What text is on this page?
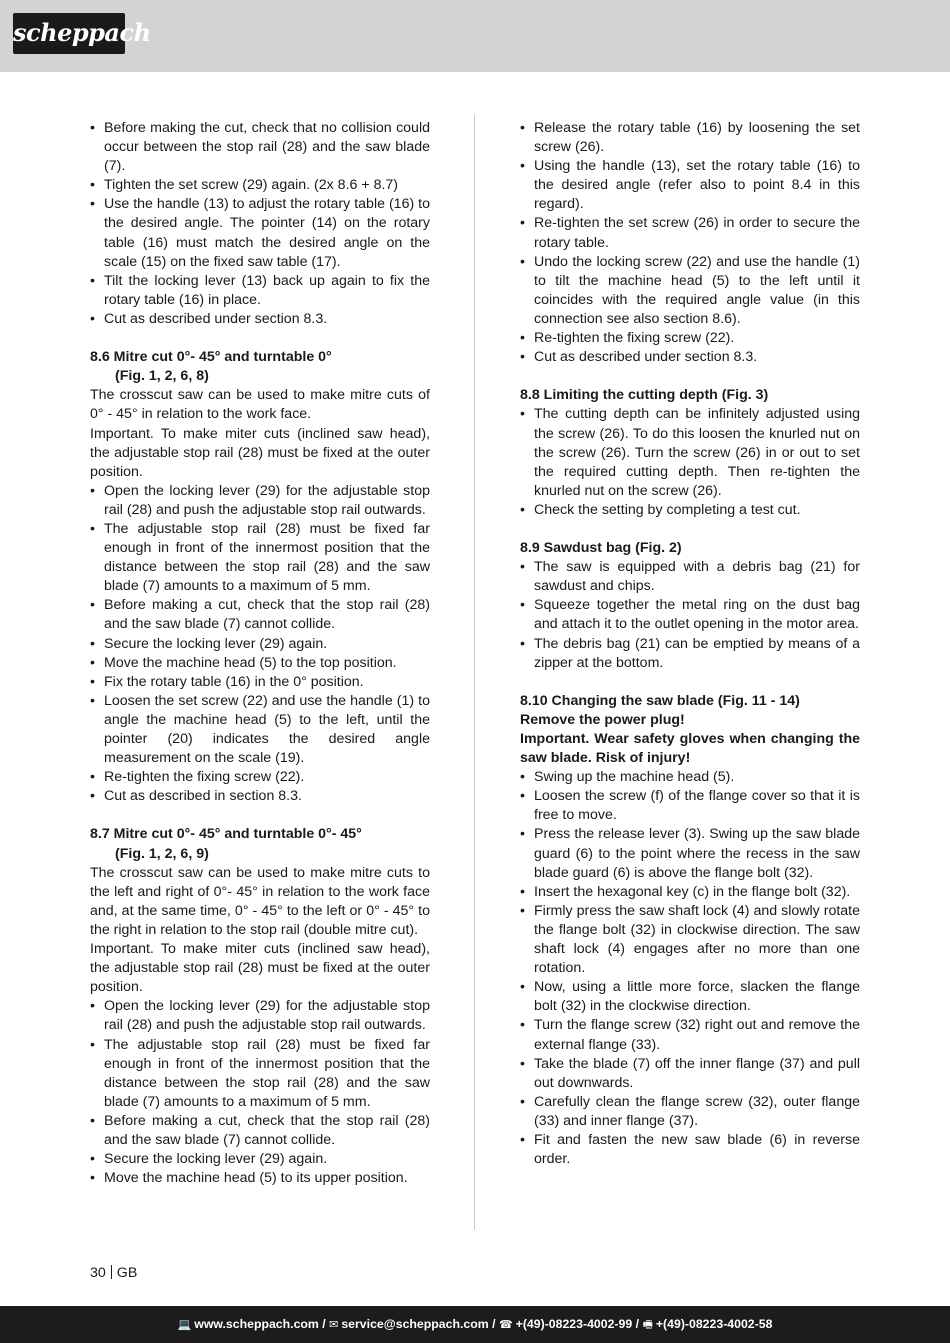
scheppach
• Before making the cut, check that no collision could occur between the stop rail (28) and the saw blade (7).
• Tighten the set screw (29) again. (2x 8.6 + 8.7)
• Use the handle (13) to adjust the rotary table (16) to the desired angle. The pointer (14) on the rotary table (16) must match the desired angle on the scale (15) on the fixed saw table (17).
• Tilt the locking lever (13) back up again to fix the rotary table (16) in place.
• Cut as described under section 8.3.
8.6 Mitre cut 0°- 45° and turntable 0°
(Fig. 1, 2, 6, 8)

The crosscut saw can be used to make mitre cuts of 0° - 45° in relation to the work face.

Important. To make miter cuts (inclined saw head), the adjustable stop rail (28) must be fixed at the outer position.

• Open the locking lever (29) for the adjustable stop rail (28) and push the adjustable stop rail outwards.
• The adjustable stop rail (28) must be fixed far enough in front of the innermost position that the distance between the stop rail (28) and the saw blade (7) amounts to a maximum of 5 mm.
• Before making a cut, check that the stop rail (28) and the saw blade (7) cannot collide.
• Secure the locking lever (29) again.
• Move the machine head (5) to the top position.
• Fix the rotary table (16) in the 0° position.
• Loosen the set screw (22) and use the handle (1) to angle the machine head (5) to the left, until the pointer (20) indicates the desired angle measurement on the scale (19).
• Re-tighten the fixing screw (22).
• Cut as described in section 8.3.
8.7 Mitre cut 0°- 45° and turntable 0°- 45°
(Fig. 1, 2, 6, 9)

The crosscut saw can be used to make mitre cuts to the left and right of 0°- 45° in relation to the work face and, at the same time, 0° - 45° to the left or 0° - 45° to the right in relation to the stop rail (double mitre cut).

Important. To make miter cuts (inclined saw head), the adjustable stop rail (28) must be fixed at the outer position.

• Open the locking lever (29) for the adjustable stop rail (28) and push the adjustable stop rail outwards.
• The adjustable stop rail (28) must be fixed far enough in front of the innermost position that the distance between the stop rail (28) and the saw blade (7) amounts to a maximum of 5 mm.
• Before making a cut, check that the stop rail (28) and the saw blade (7) cannot collide.
• Secure the locking lever (29) again.
• Move the machine head (5) to its upper position.
• Release the rotary table (16) by loosening the set screw (26).
• Using the handle (13), set the rotary table (16) to the desired angle (refer also to point 8.4 in this regard).
• Re-tighten the set screw (26) in order to secure the rotary table.
• Undo the locking screw (22) and use the handle (1) to tilt the machine head (5) to the left until it coincides with the required angle value (in this connection see also section 8.6).
• Re-tighten the fixing screw (22).
• Cut as described under section 8.3.
8.8 Limiting the cutting depth (Fig. 3)
• The cutting depth can be infinitely adjusted using the screw (26). To do this loosen the knurled nut on the screw (26). Turn the screw (26) in or out to set the required cutting depth. Then re-tighten the knurled nut on the screw (26).
• Check the setting by completing a test cut.
8.9 Sawdust bag (Fig. 2)
• The saw is equipped with a debris bag (21) for sawdust and chips.
• Squeeze together the metal ring on the dust bag and attach it to the outlet opening in the motor area.
• The debris bag (21) can be emptied by means of a zipper at the bottom.
8.10 Changing the saw blade (Fig. 11 - 14)

Remove the power plug!

Important. Wear safety gloves when changing the saw blade. Risk of injury!

• Swing up the machine head (5).
• Loosen the screw (f) of the flange cover so that it is free to move.
• Press the release lever (3). Swing up the saw blade guard (6) to the point where the recess in the saw blade guard (6) is above the flange bolt (32).
• Insert the hexagonal key (c) in the flange bolt (32).
• Firmly press the saw shaft lock (4) and slowly rotate the flange bolt (32) in clockwise direction. The saw shaft lock (4) engages after no more than one rotation.
• Now, using a little more force, slacken the flange bolt (32) in the clockwise direction.
• Turn the flange screw (32) right out and remove the external flange (33).
• Take the blade (7) off the inner flange (37) and pull out downwards.
• Carefully clean the flange screw (32), outer flange (33) and inner flange (37).
• Fit and fasten the new saw blade (6) in reverse order.
30 GB
💻 www.scheppach.com / ✉ service@scheppach.com / ☎ +(49)-08223-4002-99 / 🖷 +(49)-08223-4002-58
